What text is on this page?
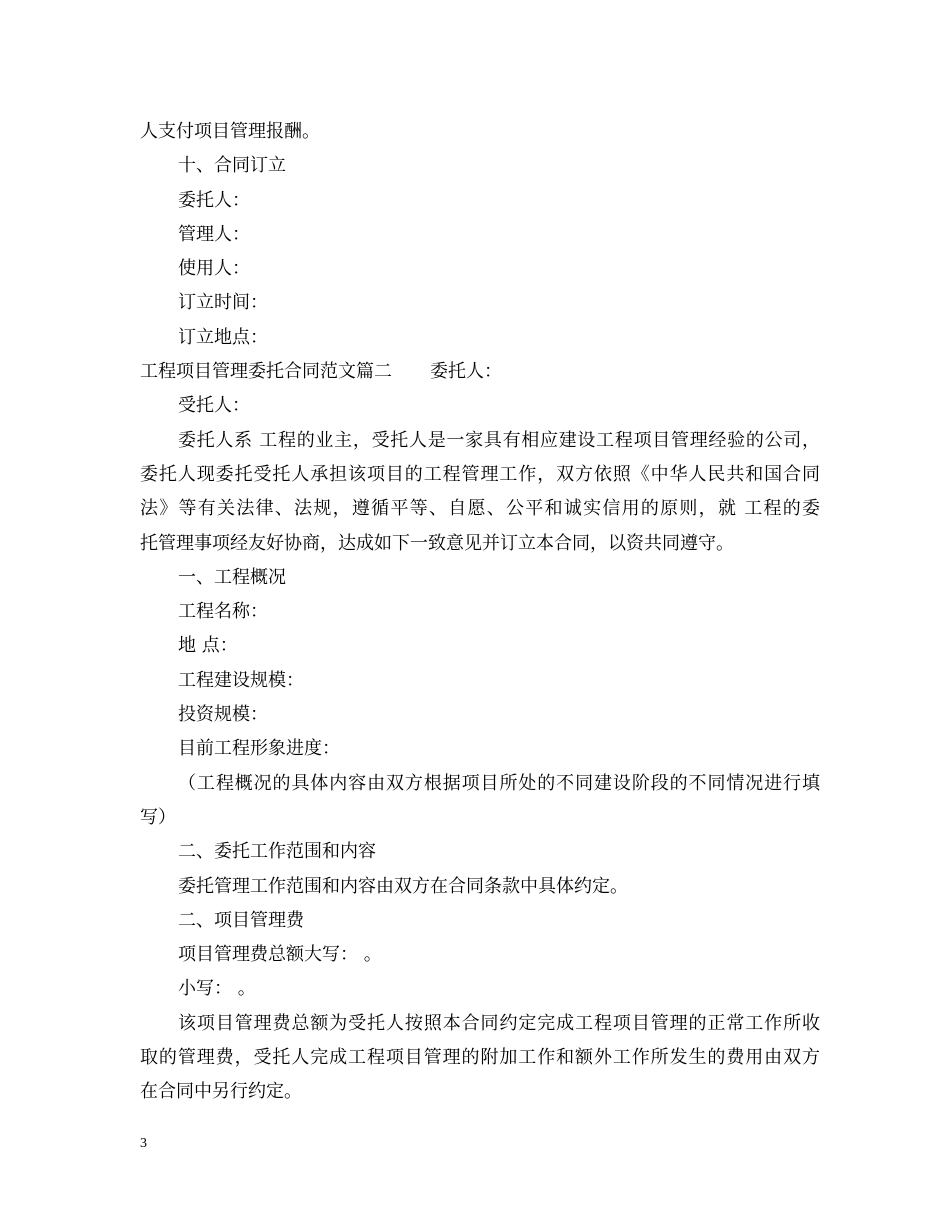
人支付项目管理报酬。
十、合同订立
委托人：
管理人：
使用人：
订立时间：
订立地点：
工程项目管理委托合同范文篇二 委托人：
受托人：
委托人系 工程的业主，受托人是一家具有相应建设工程项目管理经验的公司，
委托人现委托受托人承担该项目的工程管理工作，双方依照《中华人民共和国合同
法》等有关法律、法规，遵循平等、自愿、公平和诚实信用的原则，就 工程的委
托管理事项经友好协商，达成如下一致意见并订立本合同，以资共同遵守。
一、工程概况
工程名称：
地 点：
工程建设规模：
投资规模：
目前工程形象进度：
（工程概况的具体内容由双方根据项目所处的不同建设阶段的不同情况进行填
写）
二、委托工作范围和内容
委托管理工作范围和内容由双方在合同条款中具体约定。
二、项目管理费
项目管理费总额大写： 。
小写： 。
该项目管理费总额为受托人按照本合同约定完成工程项目管理的正常工作所收
取的管理费，受托人完成工程项目管理的附加工作和额外工作所发生的费用由双方
在合同中另行约定。
3
